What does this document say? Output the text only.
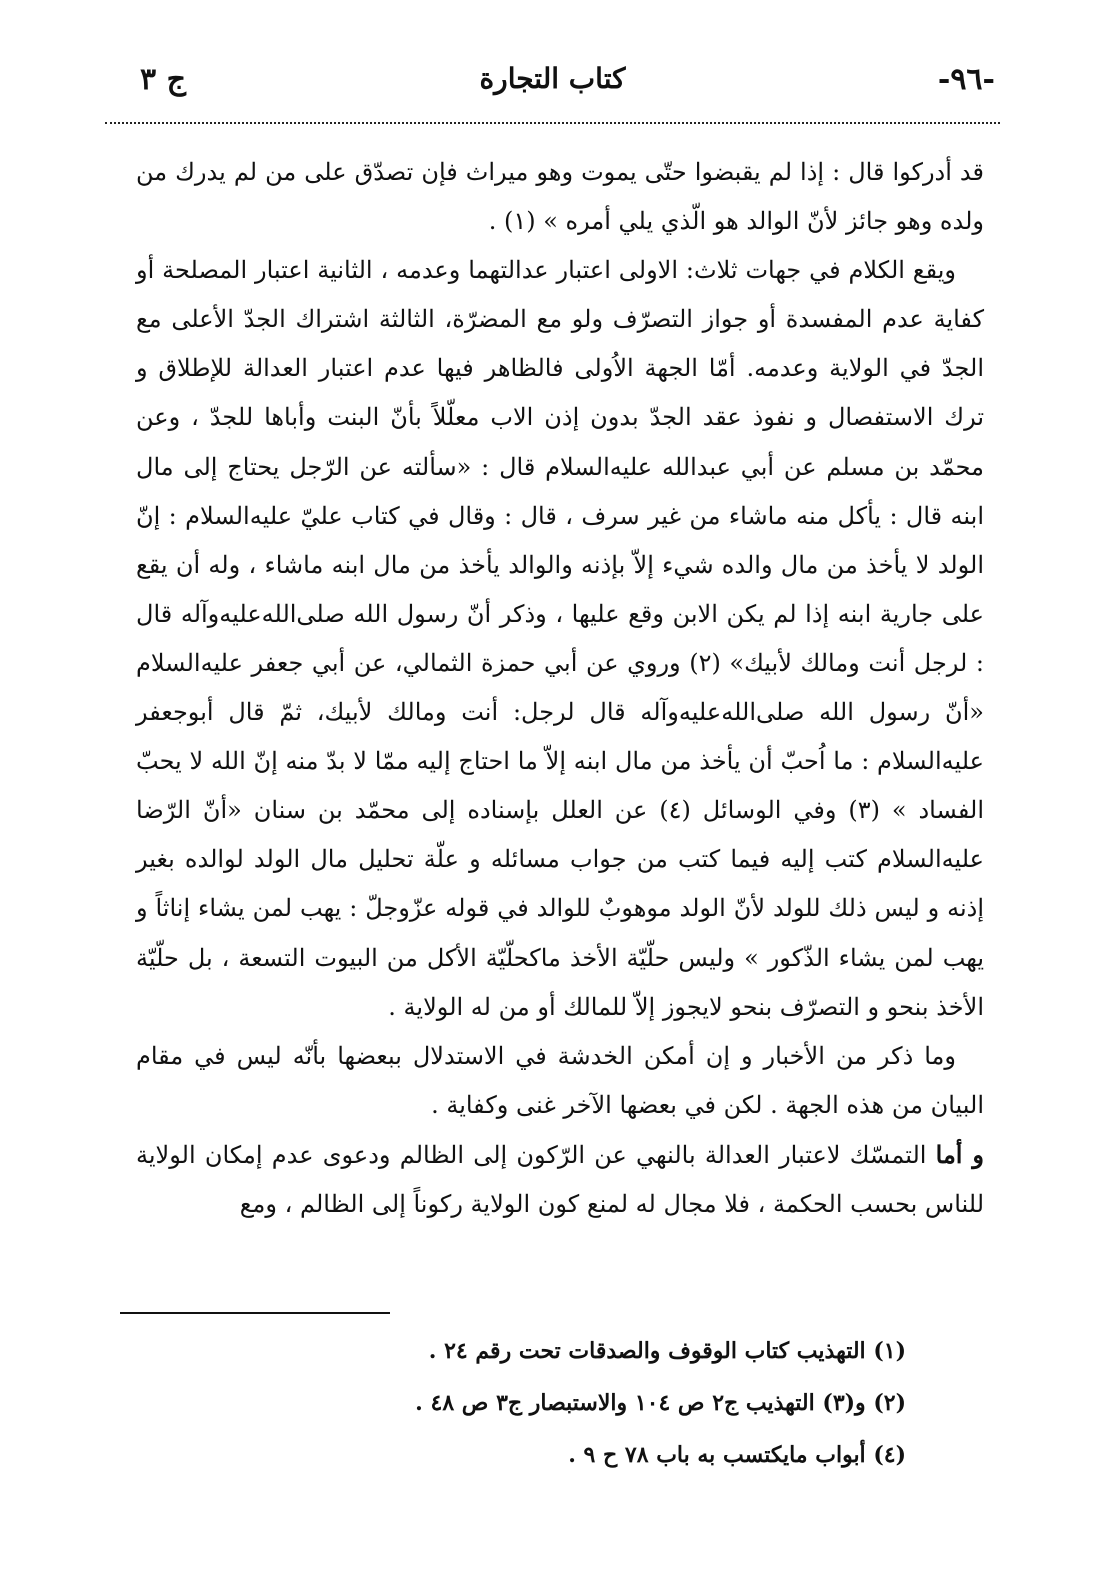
-٩٦-
كتاب التجارة
ج ٣

قد أدركوا قال : إذا لم يقبضوا حتّى يموت وهو ميراث فإن تصدّق على من لم يدرك من ولده وهو جائز لأنّ الوالد هو الّذي يلي أمره » (١) .

ويقع الكلام في جهات ثلاث: الاولى اعتبار عدالتهما وعدمه ، الثانية اعتبار المصلحة أو كفاية عدم المفسدة أو جواز التصرّف ولو مع المضرّة، الثالثة اشتراك الجدّ الأعلى مع الجدّ في الولاية وعدمه. أمّا الجهة الاُولى فالظاهر فيها عدم اعتبار العدالة للإطلاق و ترك الاستفصال و نفوذ عقد الجدّ بدون إذن الاب معلّلاً بأنّ البنت وأباها للجدّ ، وعن محمّد بن مسلم عن أبي عبدالله عليه‌السلام قال : «سألته عن الرّجل يحتاج إلى مال ابنه قال : يأكل منه ماشاء من غير سرف ، قال : وقال في كتاب عليّ عليه‌السلام : إنّ الولد لا يأخذ من مال والده شيء إلاّ بإذنه والوالد يأخذ من مال ابنه ماشاء ، وله أن يقع على جارية ابنه إذا لم يكن الابن وقع عليها ، وذكر أنّ رسول الله صلى‌الله‌عليه‌وآله قال : لرجل أنت ومالك لأبيك» (٢) وروي عن أبي حمزة الثمالي، عن أبي جعفر عليه‌السلام «أنّ رسول الله صلى‌الله‌عليه‌وآله قال لرجل: أنت ومالك لأبيك، ثمّ قال أبوجعفر عليه‌السلام : ما اُحبّ أن يأخذ من مال ابنه إلاّ ما احتاج إليه ممّا لا بدّ منه إنّ الله لا يحبّ الفساد » (٣) وفي الوسائل (٤) عن العلل بإسناده إلى محمّد بن سنان «أنّ الرّضا عليه‌السلام كتب إليه فيما كتب من جواب مسائله و علّة تحليل مال الولد لوالده بغير إذنه و ليس ذلك للولد لأنّ الولد موهوبٌ للوالد في قوله عزّوجلّ : يهب لمن يشاء إناثاً و يهب لمن يشاء الذّكور » وليس حلّيّة الأخذ ماكحلّيّة الأكل من البيوت التسعة ، بل حلّيّة الأخذ بنحو و التصرّف بنحو لايجوز إلاّ للمالك أو من له الولاية .

وما ذكر من الأخبار و إن أمكن الخدشة في الاستدلال ببعضها بأنّه ليس في مقام البيان من هذه الجهة . لكن في بعضها الآخر غنى وكفاية .

و أما التمسّك لاعتبار العدالة بالنهي عن الرّكون إلى الظالم ودعوى عدم إمكان الولاية للناس بحسب الحكمة ، فلا مجال له لمنع كون الولاية ركوناً إلى الظالم ، ومع

(١) التهذيب كتاب الوقوف والصدقات تحت رقم ٢٤ .

(٢) و(٣) التهذيب ج٢ ص ١٠٤ والاستبصار ج٣ ص ٤٨ .

(٤) أبواب مايكتسب به باب ٧٨ ح ٩ .
